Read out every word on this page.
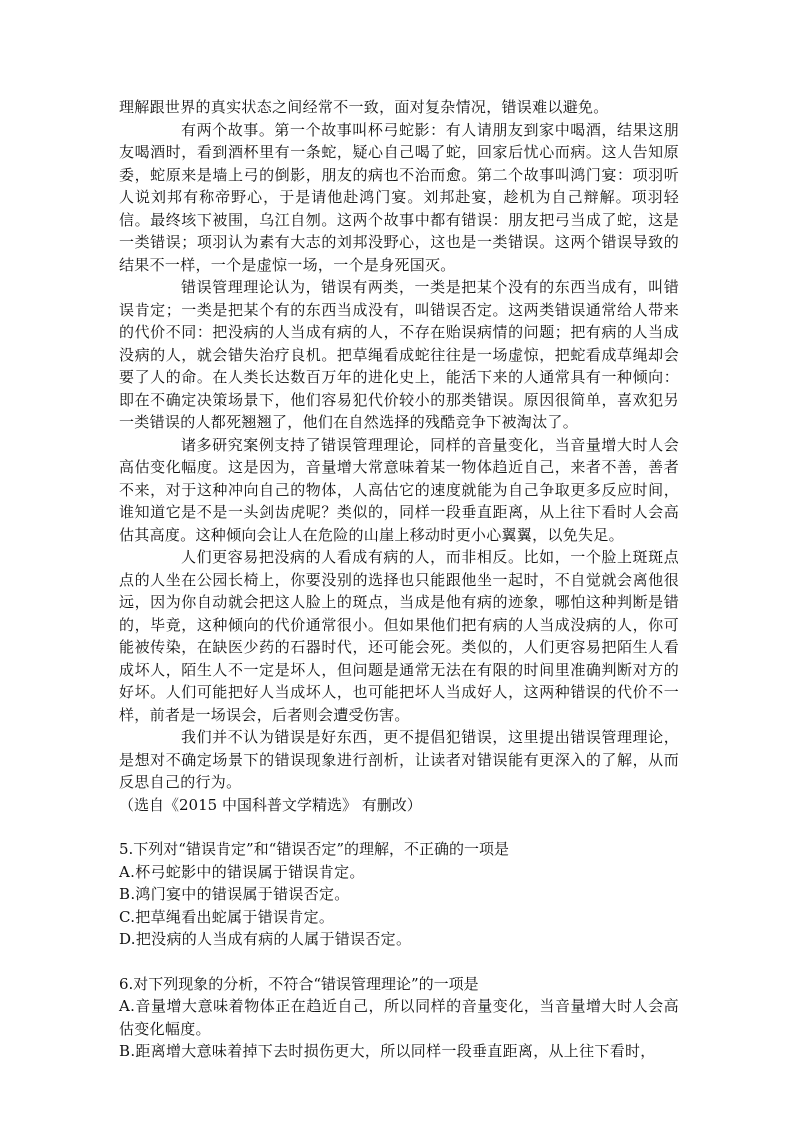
理解跟世界的真实状态之间经常不一致，面对复杂情况，错误难以避免。

有两个故事。第一个故事叫杯弓蛇影：有人请朋友到家中喝酒，结果这朋友喝酒时，看到酒杯里有一条蛇，疑心自己喝了蛇，回家后忧心而病。这人告知原委，蛇原来是墙上弓的倒影，朋友的病也不治而愈。第二个故事叫鸿门宴：项羽听人说刘邦有称帝野心，于是请他赴鸿门宴。刘邦赴宴，趁机为自己辩解。项羽轻信。最终垓下被围，乌江自刎。这两个故事中都有错误：朋友把弓当成了蛇，这是一类错误；项羽认为素有大志的刘邦没野心，这也是一类错误。这两个错误导致的结果不一样，一个是虚惊一场，一个是身死国灭。

错误管理理论认为，错误有两类，一类是把某个没有的东西当成有，叫错误肯定；一类是把某个有的东西当成没有，叫错误否定。这两类错误通常给人带来的代价不同：把没病的人当成有病的人，不存在贻误病情的问题；把有病的人当成没病的人，就会错失治疗良机。把草绳看成蛇往往是一场虚惊，把蛇看成草绳却会要了人的命。在人类长达数百万年的进化史上，能活下来的人通常具有一种倾向：即在不确定决策场景下，他们容易犯代价较小的那类错误。原因很简单，喜欢犯另一类错误的人都死翘翘了，他们在自然选择的残酷竞争下被淘汰了。

诸多研究案例支持了错误管理理论，同样的音量变化，当音量增大时人会高估变化幅度。这是因为，音量增大常意味着某一物体趋近自己，来者不善，善者不来，对于这种冲向自己的物体，人高估它的速度就能为自己争取更多反应时间，谁知道它是不是一头剑齿虎呢？类似的，同样一段垂直距离，从上往下看时人会高估其高度。这种倾向会让人在危险的山崖上移动时更小心翼翼，以免失足。

人们更容易把没病的人看成有病的人，而非相反。比如，一个脸上斑斑点点的人坐在公园长椅上，你要没别的选择也只能跟他坐一起时，不自觉就会离他很远，因为你自动就会把这人脸上的斑点，当成是他有病的迹象，哪怕这种判断是错的，毕竟，这种倾向的代价通常很小。但如果他们把有病的人当成没病的人，你可能被传染，在缺医少药的石器时代，还可能会死。类似的，人们更容易把陌生人看成坏人，陌生人不一定是坏人，但问题是通常无法在有限的时间里准确判断对方的好坏。人们可能把好人当成坏人，也可能把坏人当成好人，这两种错误的代价不一样，前者是一场误会，后者则会遭受伤害。

我们并不认为错误是好东西，更不提倡犯错误，这里提出错误管理理论，是想对不确定场景下的错误现象进行剖析，让读者对错误能有更深入的了解，从而反思自己的行为。

（选自《2015 中国科普文学精选》 有删改）

5.下列对“错误肯定”和“错误否定”的理解，不正确的一项是

A.杯弓蛇影中的错误属于错误肯定。

B.鸿门宴中的错误属于错误否定。

C.把草绳看出蛇属于错误肯定。

D.把没病的人当成有病的人属于错误否定。

6.对下列现象的分析，不符合“错误管理理论”的一项是

A.音量增大意味着物体正在趋近自己，所以同样的音量变化，当音量增大时人会高估变化幅度。

B.距离增大意味着掉下去时损伤更大，所以同样一段垂直距离，从上往下看时，
